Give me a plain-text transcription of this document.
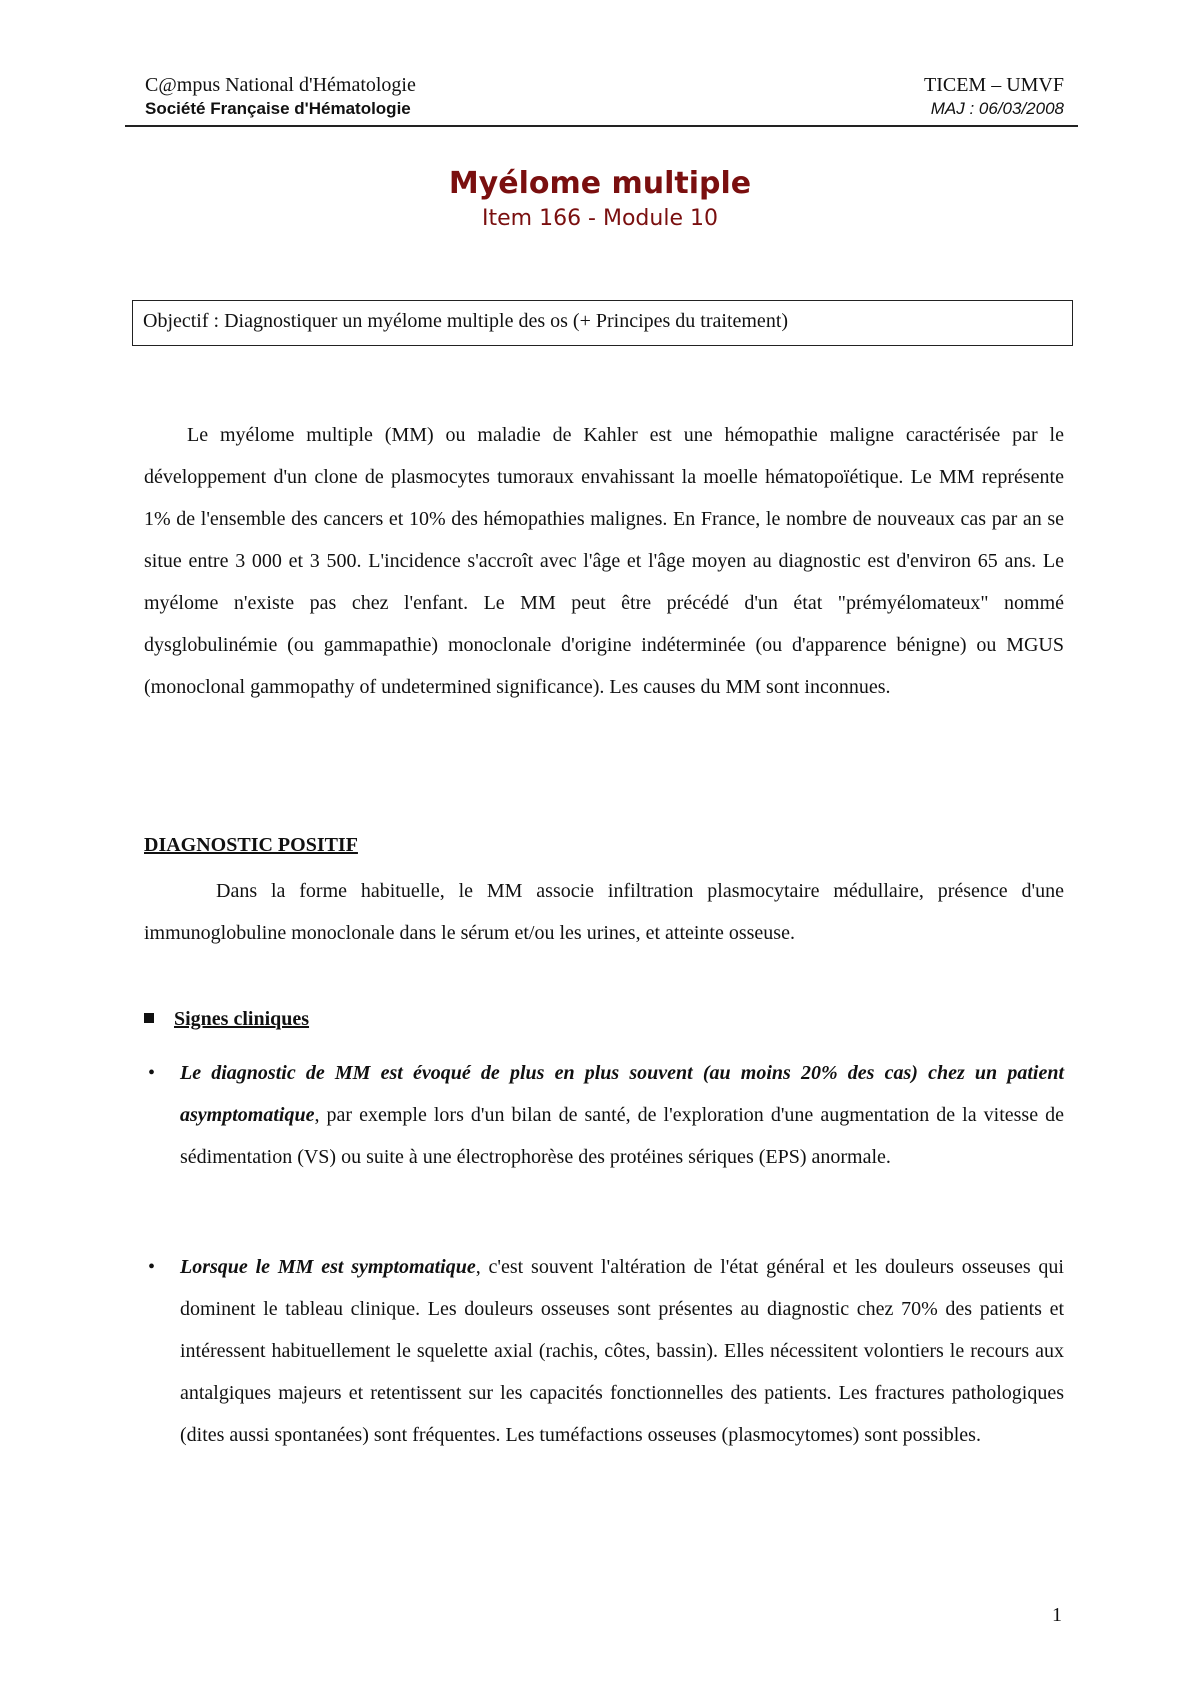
C@mpus National d'Hématologie
Société Française d'Hématologie
TICEM – UMVF
MAJ : 06/03/2008
Myélome multiple
Item 166 - Module 10
Objectif : Diagnostiquer un myélome multiple des os (+ Principes du traitement)

Le myélome multiple (MM) ou maladie de Kahler est une hémopathie maligne caractérisée par le développement d'un clone de plasmocytes tumoraux envahissant la moelle hématopoïétique. Le MM représente 1% de l'ensemble des cancers et 10% des hémopathies malignes. En France, le nombre de nouveaux cas par an se situe entre 3 000 et 3 500. L'incidence s'accroît avec l'âge et l'âge moyen au diagnostic est d'environ 65 ans. Le myélome n'existe pas chez l'enfant. Le MM peut être précédé d'un état "prémyélomateux" nommé dysglobulinémie (ou gammapathie) monoclonale d'origine indéterminée (ou d'apparence bénigne) ou MGUS (monoclonal gammopathy of undetermined significance). Les causes du MM sont inconnues.

DIAGNOSTIC POSITIF

Dans la forme habituelle, le MM associe infiltration plasmocytaire médullaire, présence d'une immunoglobuline monoclonale dans le sérum et/ou les urines, et atteinte osseuse.

Signes cliniques
• Le diagnostic de MM est évoqué de plus en plus souvent (au moins 20% des cas) chez un patient asymptomatique, par exemple lors d'un bilan de santé, de l'exploration d'une augmentation de la vitesse de sédimentation (VS) ou suite à une électrophorèse des protéines sériques (EPS) anormale.

• Lorsque le MM est symptomatique, c'est souvent l'altération de l'état général et les douleurs osseuses qui dominent le tableau clinique. Les douleurs osseuses sont présentes au diagnostic chez 70% des patients et intéressent habituellement le squelette axial (rachis, côtes, bassin). Elles nécessitent volontiers le recours aux antalgiques majeurs et retentissent sur les capacités fonctionnelles des patients. Les fractures pathologiques (dites aussi spontanées) sont fréquentes. Les tuméfactions osseuses (plasmocytomes) sont possibles.

1
